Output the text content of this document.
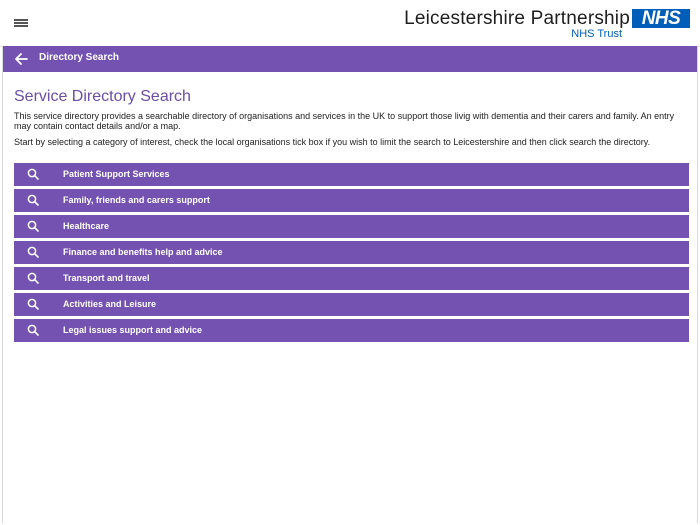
Leicestershire Partnership
NHS Trust
NHS
Directory Search
Service Directory Search

This service directory provides a searchable directory of organisations and services in the UK to support those livig with dementia and their carers and family. An entry may contain contact details and/or a map.

Start by selecting a category of interest, check the local organisations tick box if you wish to limit the search to Leicestershire and then click search the directory.

Patient Support Services
Family, friends and carers support
Healthcare
Finance and benefits help and advice
Transport and travel
Activities and Leisure
Legal issues support and advice
